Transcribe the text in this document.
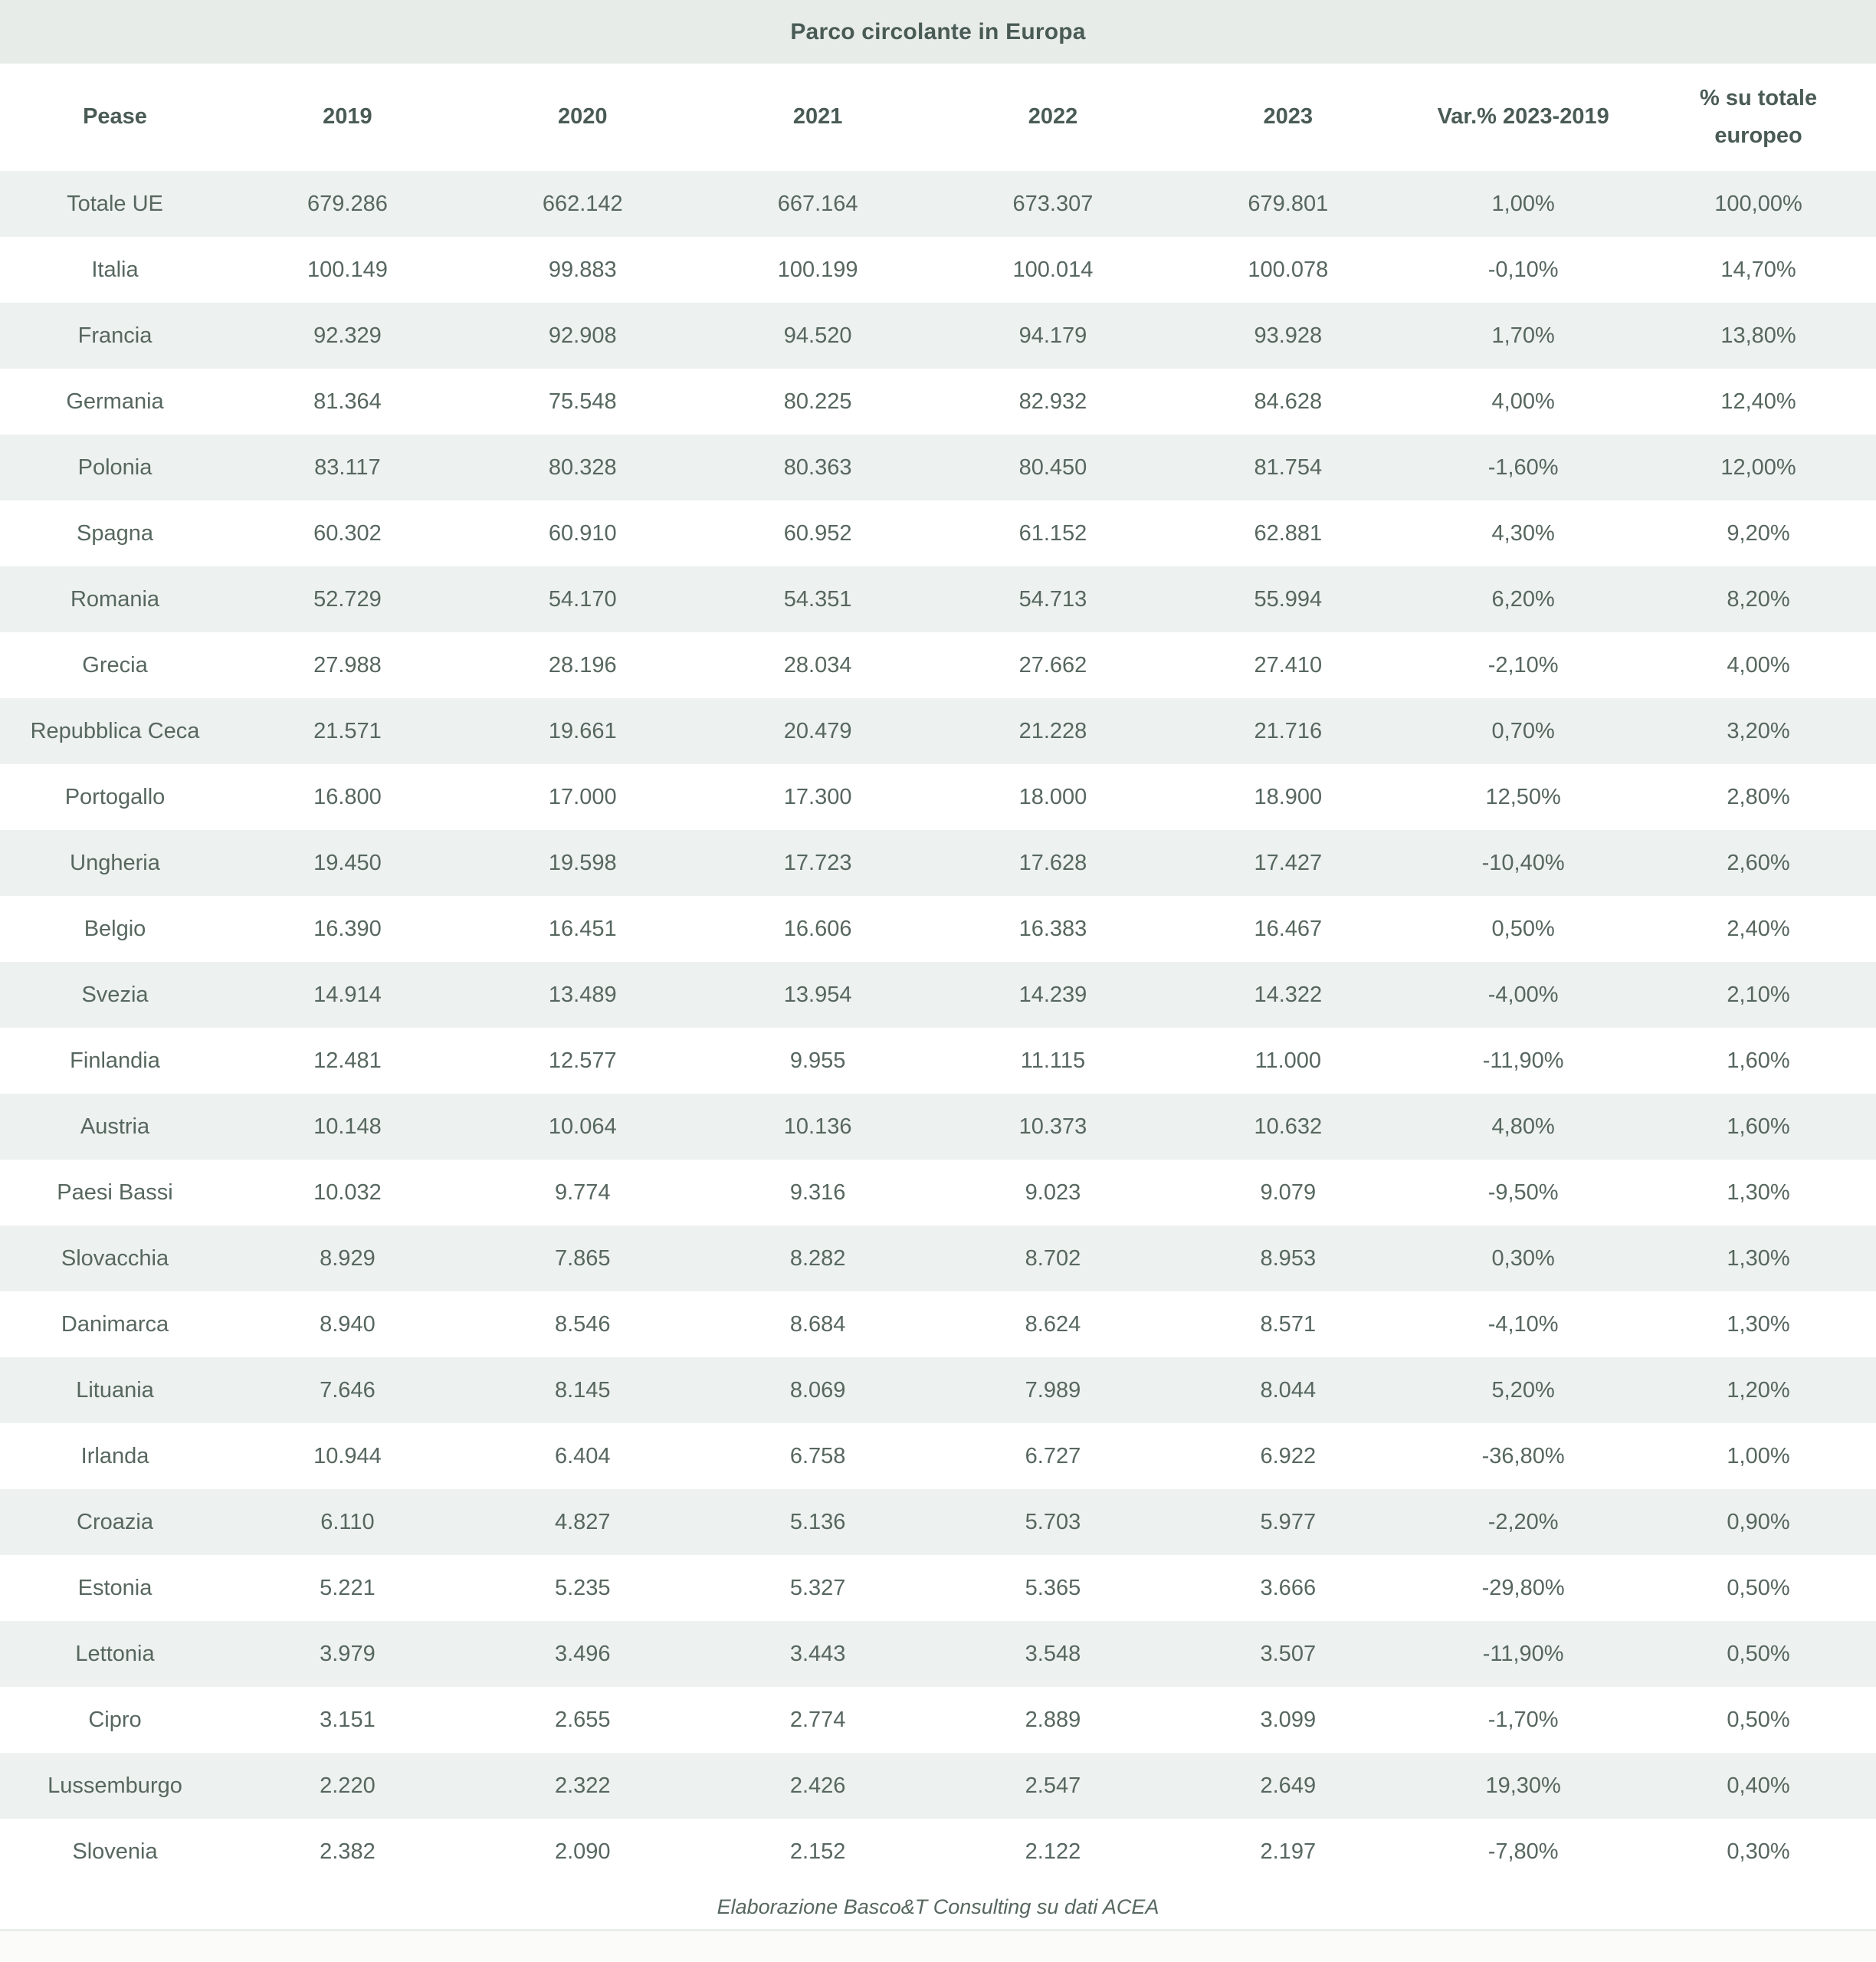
Parco circolante in Europa
Pease	2019	2020	2021	2022	2023	Var.% 2023-2019	% su totale europeo
Totale UE	679.286	662.142	667.164	673.307	679.801	1,00%	100,00%
Italia	100.149	99.883	100.199	100.014	100.078	-0,10%	14,70%
Francia	92.329	92.908	94.520	94.179	93.928	1,70%	13,80%
Germania	81.364	75.548	80.225	82.932	84.628	4,00%	12,40%
Polonia	83.117	80.328	80.363	80.450	81.754	-1,60%	12,00%
Spagna	60.302	60.910	60.952	61.152	62.881	4,30%	9,20%
Romania	52.729	54.170	54.351	54.713	55.994	6,20%	8,20%
Grecia	27.988	28.196	28.034	27.662	27.410	-2,10%	4,00%
Repubblica Ceca	21.571	19.661	20.479	21.228	21.716	0,70%	3,20%
Portogallo	16.800	17.000	17.300	18.000	18.900	12,50%	2,80%
Ungheria	19.450	19.598	17.723	17.628	17.427	-10,40%	2,60%
Belgio	16.390	16.451	16.606	16.383	16.467	0,50%	2,40%
Svezia	14.914	13.489	13.954	14.239	14.322	-4,00%	2,10%
Finlandia	12.481	12.577	9.955	11.115	11.000	-11,90%	1,60%
Austria	10.148	10.064	10.136	10.373	10.632	4,80%	1,60%
Paesi Bassi	10.032	9.774	9.316	9.023	9.079	-9,50%	1,30%
Slovacchia	8.929	7.865	8.282	8.702	8.953	0,30%	1,30%
Danimarca	8.940	8.546	8.684	8.624	8.571	-4,10%	1,30%
Lituania	7.646	8.145	8.069	7.989	8.044	5,20%	1,20%
Irlanda	10.944	6.404	6.758	6.727	6.922	-36,80%	1,00%
Croazia	6.110	4.827	5.136	5.703	5.977	-2,20%	0,90%
Estonia	5.221	5.235	5.327	5.365	3.666	-29,80%	0,50%
Lettonia	3.979	3.496	3.443	3.548	3.507	-11,90%	0,50%
Cipro	3.151	2.655	2.774	2.889	3.099	-1,70%	0,50%
Lussemburgo	2.220	2.322	2.426	2.547	2.649	19,30%	0,40%
Slovenia	2.382	2.090	2.152	2.122	2.197	-7,80%	0,30%
Elaborazione Basco&T Consulting su dati ACEA
